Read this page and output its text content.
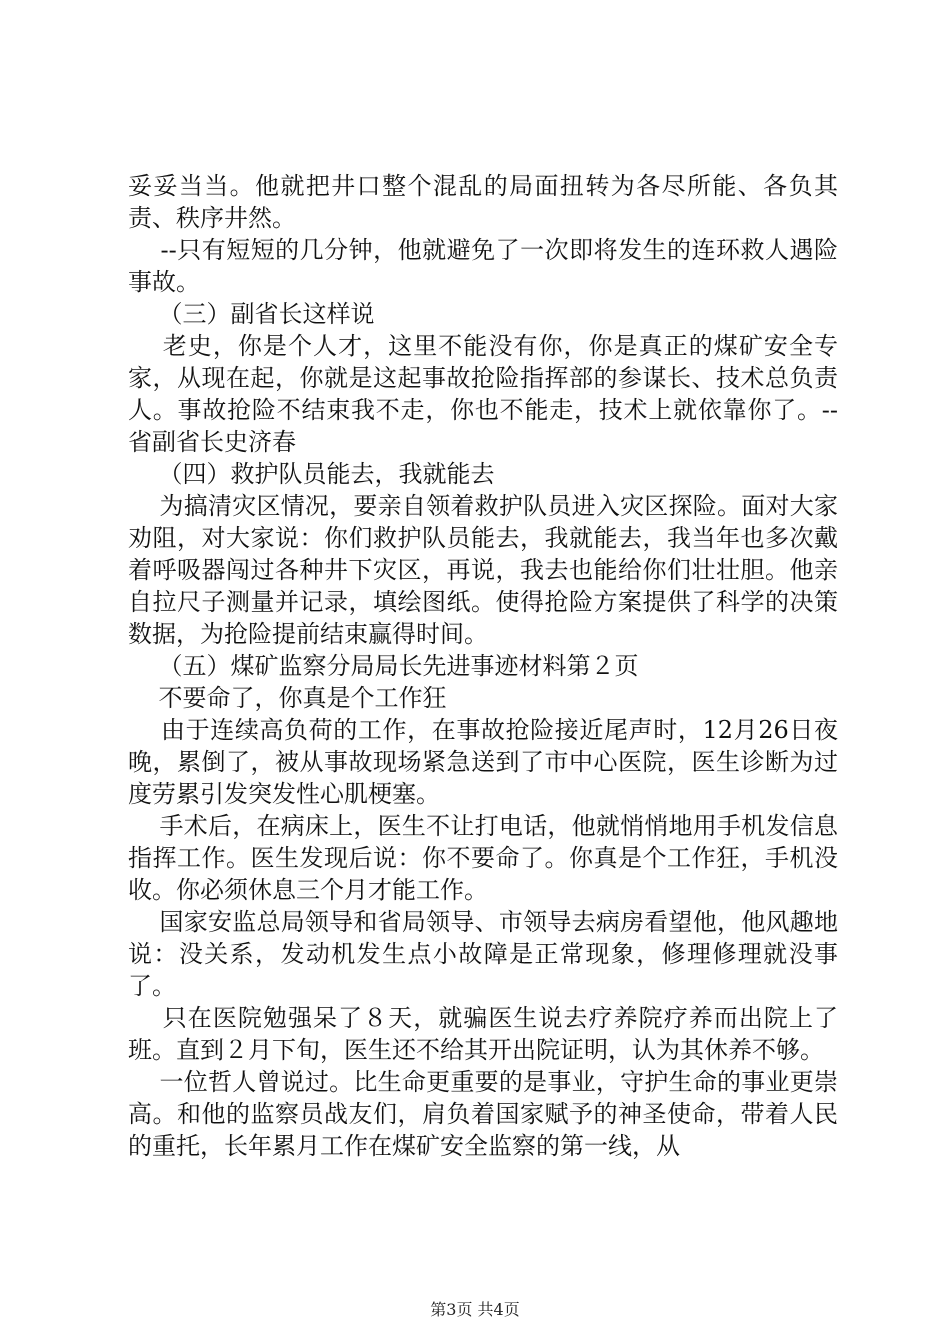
妥妥当当。他就把井口整个混乱的局面扭转为各尽所能、各负其责、秩序井然。

--只有短短的几分钟，他就避免了一次即将发生的连环救人遇险事故。

（三）副省长这样说

老史，你是个人才，这里不能没有你，你是真正的煤矿安全专家，从现在起，你就是这起事故抢险指挥部的参谋长、技术总负责人。事故抢险不结束我不走，你也不能走，技术上就依靠你了。--省副省长史济春

（四）救护队员能去，我就能去

为搞清灾区情况，要亲自领着救护队员进入灾区探险。面对大家劝阻，对大家说：你们救护队员能去，我就能去，我当年也多次戴着呼吸器闯过各种井下灾区，再说，我去也能给你们壮壮胆。他亲自拉尺子测量并记录，填绘图纸。使得抢险方案提供了科学的决策数据，为抢险提前结束赢得时间。

（五）煤矿监察分局局长先进事迹材料第２页

不要命了，你真是个工作狂

由于连续高负荷的工作，在事故抢险接近尾声时，12月26日夜晚，累倒了，被从事故现场紧急送到了市中心医院，医生诊断为过度劳累引发突发性心肌梗塞。

手术后，在病床上，医生不让打电话，他就悄悄地用手机发信息指挥工作。医生发现后说：你不要命了。你真是个工作狂，手机没收。你必须休息三个月才能工作。

国家安监总局领导和省局领导、市领导去病房看望他，他风趣地说：没关系，发动机发生点小故障是正常现象，修理修理就没事了。

只在医院勉强呆了８天，就骗医生说去疗养院疗养而出院上了班。直到２月下旬，医生还不给其开出院证明，认为其休养不够。

一位哲人曾说过。比生命更重要的是事业，守护生命的事业更崇高。和他的监察员战友们，肩负着国家赋予的神圣使命，带着人民的重托，长年累月工作在煤矿安全监察的第一线，从

第3页 共4页
